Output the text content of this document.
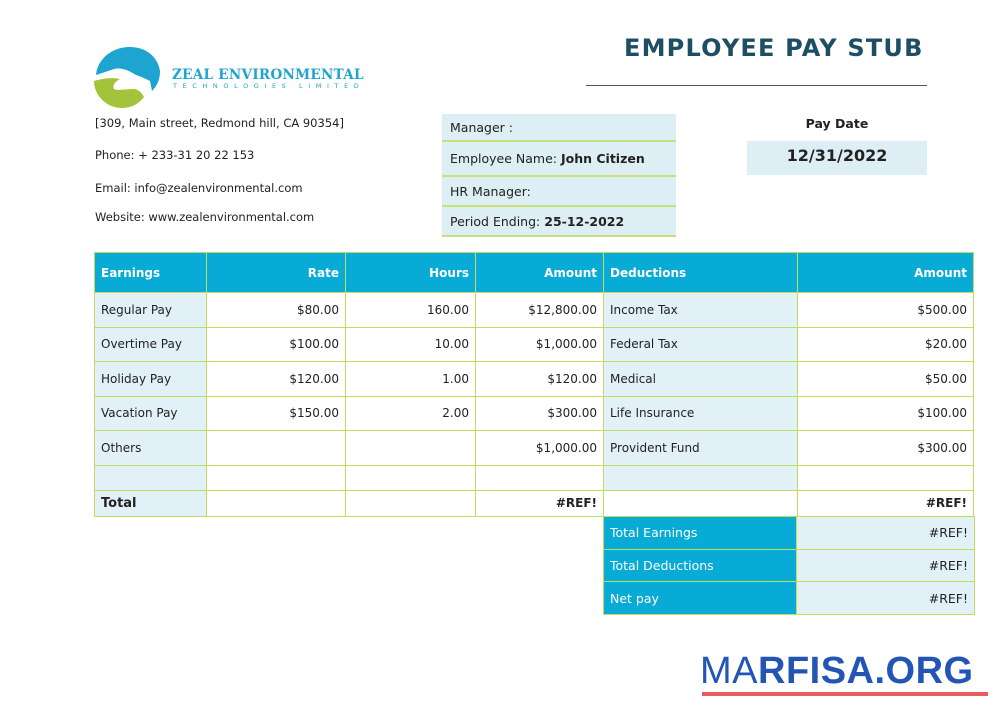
ZEAL ENVIRONMENTAL
TECHNOLOGIES LIMITED
EMPLOYEE PAY STUB
[309, Main street, Redmond hill, CA 90354]
Phone: + 233-31 20 22 153
Email: info@zealenvironmental.com
Website: www.zealenvironmental.com
Manager :
Employee Name: John Citizen
HR Manager:
Period Ending: 25-12-2022
Pay Date
12/31/2022
Earnings	Rate	Hours	Amount	Deductions	Amount
Regular Pay	$80.00	160.00	$12,800.00	Income Tax	$500.00
Overtime Pay	$100.00	10.00	$1,000.00	Federal Tax	$20.00
Holiday Pay	$120.00	1.00	$120.00	Medical	$50.00
Vacation Pay	$150.00	2.00	$300.00	Life Insurance	$100.00
Others			$1,000.00	Provident Fund	$300.00

Total			#REF!		#REF!
Total Earnings	#REF!
Total Deductions	#REF!
Net pay	#REF!
MARFISA.ORG
